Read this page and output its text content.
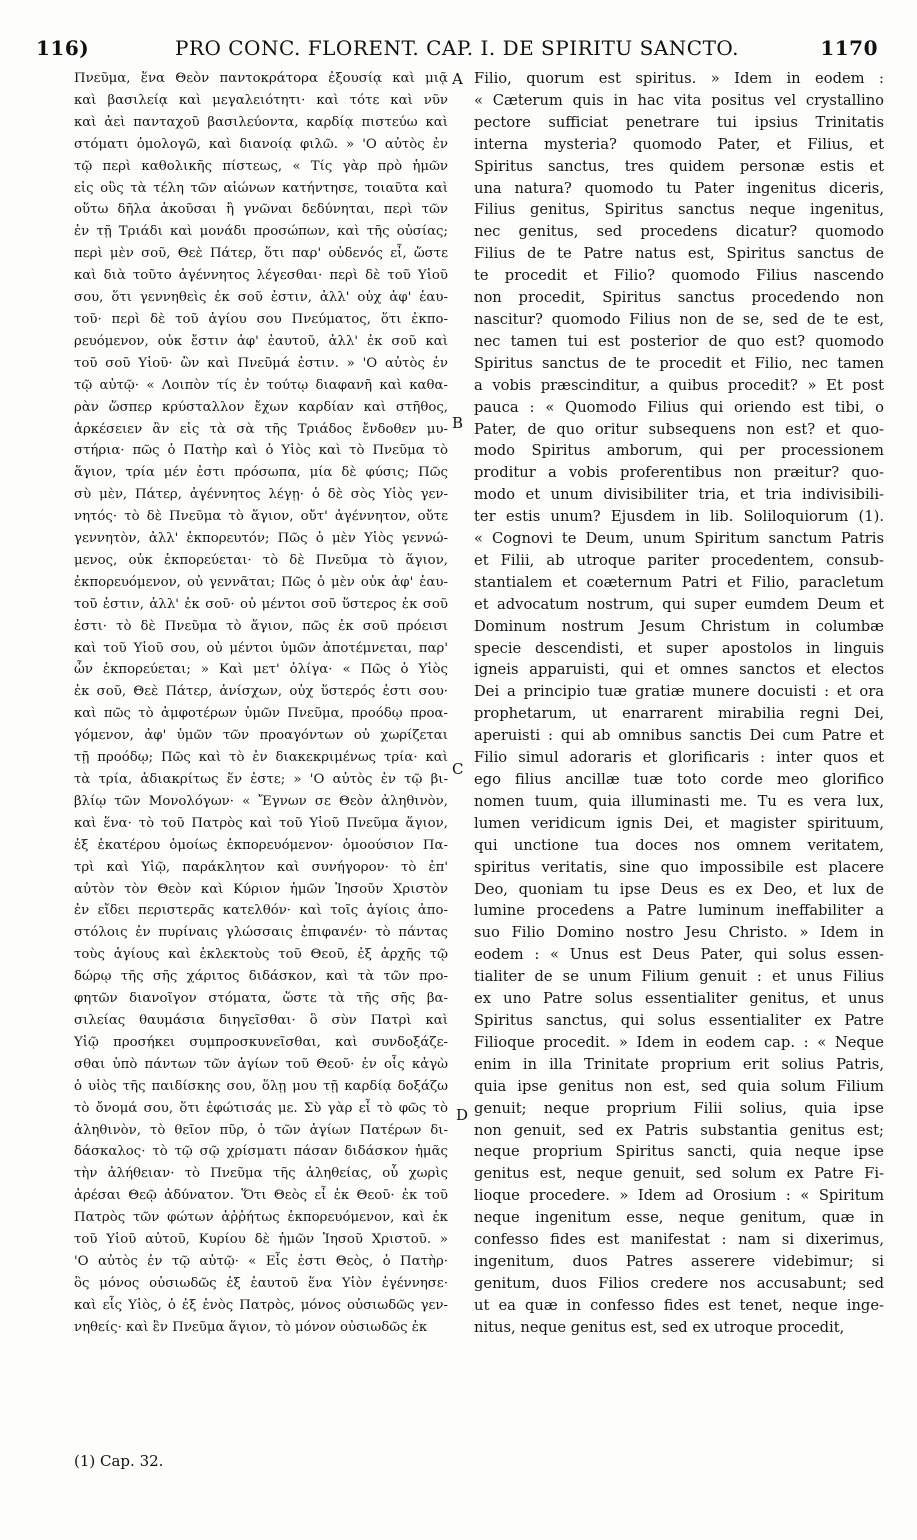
116)	PRO CONC. FLORENT. CAP. I. DE SPIRITU SANCTO.	1170
Πνεῦμα, ἕνα Θεὸν παντοκράτορα ἐξουσίᾳ καὶ μιᾷ
καὶ βασιλείᾳ καὶ μεγαλειότητι· καὶ τότε καὶ νῦν
καὶ ἀεὶ πανταχοῦ βασιλεύοντα, καρδίᾳ πιστεύω καὶ
στόματι ὁμολογῶ, καὶ διανοίᾳ φιλῶ. » 'Ο αὐτὸς ἐν
τῷ περὶ καθολικῆς πίστεως, « Τίς γὰρ πρὸ ἡμῶν
εἰς οὓς τὰ τέλη τῶν αἰώνων κατήντησε, τοιαῦτα καὶ
οὕτω δῆλα ἀκοῦσαι ἢ γνῶναι δεδύνηται, περὶ τῶν
ἐν τῇ Τριάδι καὶ μονάδι προσώπων, καὶ τῆς οὐσίας;
περὶ μὲν σοῦ, Θεὲ Πάτερ, ὅτι παρ' οὐδενός εἶ, ὥστε
καὶ διὰ τοῦτο ἀγέννητος λέγεσθαι· περὶ δὲ τοῦ Υἱοῦ
σου, ὅτι γεννηθεὶς ἐκ σοῦ ἐστιν, ἀλλ' οὐχ ἀφ' ἑαυ-
τοῦ· περὶ δὲ τοῦ ἁγίου σου Πνεύματος, ὅτι ἐκπο-
ρευόμενον, οὐκ ἔστιν ἀφ' ἑαυτοῦ, ἀλλ' ἐκ σοῦ καὶ
τοῦ σοῦ Υἱοῦ· ὢν καὶ Πνεῦμά ἐστιν. » 'Ο αὐτὸς ἐν
τῷ αὐτῷ· « Λοιπὸν τίς ἐν τούτῳ διαφανῆ καὶ καθα-
ρὰν ὥσπερ κρύσταλλον ἔχων καρδίαν καὶ στῆθος,
ἀρκέσειεν ἂν εἰς τὰ σὰ τῆς Τριάδος ἔνδοθεν μυ-
στήρια· πῶς ὁ Πατὴρ καὶ ὁ Υἱὸς καὶ τὸ Πνεῦμα τὸ
ἅγιον, τρία μέν ἐστι πρόσωπα, μία δὲ φύσις; Πῶς
σὺ μὲν, Πάτερ, ἀγέννητος λέγῃ· ὁ δὲ σὸς Υἱὸς γεν-
νητός· τὸ δὲ Πνεῦμα τὸ ἅγιον, οὔτ' ἀγέννητον, οὔτε
γεννητὸν, ἀλλ' ἐκπορευτόν; Πῶς ὁ μὲν Υἱὸς γεννώ-
μενος, οὐκ ἐκπορεύεται· τὸ δὲ Πνεῦμα τὸ ἅγιον,
ἐκπορευόμενον, οὐ γεννᾶται; Πῶς ὁ μὲν οὐκ ἀφ' ἑαυ-
τοῦ ἐστιν, ἀλλ' ἐκ σοῦ· οὐ μέντοι σοῦ ὕστερος ἐκ σοῦ
ἐστι· τὸ δὲ Πνεῦμα τὸ ἅγιον, πῶς ἐκ σοῦ πρόεισι
καὶ τοῦ Υἱοῦ σου, οὐ μέντοι ὑμῶν ἀποτέμνεται, παρ'
ὧν ἐκπορεύεται; » Καὶ μετ' ὀλίγα· « Πῶς ὁ Υἱὸς
ἐκ σοῦ, Θεὲ Πάτερ, ἀνίσχων, οὐχ ὕστερός ἐστι σου·
καὶ πῶς τὸ ἀμφοτέρων ὑμῶν Πνεῦμα, προόδῳ προα-
γόμενον, ἀφ' ὑμῶν τῶν προαγόντων οὐ χωρίζεται
τῇ προόδῳ; Πῶς καὶ τὸ ἐν διακεκριμένως τρία· καὶ
τὰ τρία, ἀδιακρίτως ἕν ἐστε; » 'Ο αὐτὸς ἐν τῷ βι-
βλίῳ τῶν Μονολόγων· « Ἔγνων σε Θεὸν ἀληθινὸν,
καὶ ἕνα· τὸ τοῦ Πατρὸς καὶ τοῦ Υἱοῦ Πνεῦμα ἅγιον,
ἐξ ἑκατέρου ὁμοίως ἐκπορευόμενον· ὁμοούσιον Πα-
τρὶ καὶ Υἱῷ, παράκλητον καὶ συνήγορον· τὸ ἐπ'
αὐτὸν τὸν Θεὸν καὶ Κύριον ἡμῶν Ἰησοῦν Χριστὸν
ἐν εἴδει περιστερᾶς κατελθόν· καὶ τοῖς ἁγίοις ἀπο-
στόλοις ἐν πυρίναις γλώσσαις ἐπιφανέν· τὸ πάντας
τοὺς ἁγίους καὶ ἐκλεκτοὺς τοῦ Θεοῦ, ἐξ ἀρχῆς τῷ
δώρῳ τῆς σῆς χάριτος διδάσκον, καὶ τὰ τῶν προ-
φητῶν διανοῖγον στόματα, ὥστε τὰ τῆς σῆς βα-
σιλείας θαυμάσια διηγεῖσθαι· ὃ σὺν Πατρὶ καὶ
Υἱῷ προσήκει συμπροσκυνεῖσθαι, καὶ συνδοξάζε-
σθαι ὑπὸ πάντων τῶν ἁγίων τοῦ Θεοῦ· ἐν οἷς κἀγὼ
ὁ υἱὸς τῆς παιδίσκης σου, ὅλῃ μου τῇ καρδίᾳ δοξάζω
τὸ ὄνομά σου, ὅτι ἐφώτισάς με. Σὺ γὰρ εἶ τὸ φῶς τὸ
ἀληθινὸν, τὸ θεῖον πῦρ, ὁ τῶν ἁγίων Πατέρων δι-
δάσκαλος· τὸ τῷ σῷ χρίσματι πάσαν διδάσκον ἡμᾶς
τὴν ἀλήθειαν· τὸ Πνεῦμα τῆς ἀληθείας, οὗ χωρὶς
ἀρέσαι Θεῷ ἀδύνατον. Ὅτι Θεὸς εἶ ἐκ Θεοῦ· ἐκ τοῦ
Πατρὸς τῶν φώτων ἀῤῥήτως ἐκπορευόμενον, καὶ ἐκ
τοῦ Υἱοῦ αὐτοῦ, Κυρίου δὲ ἡμῶν Ἰησοῦ Χριστοῦ. »
'Ο αὐτὸς ἐν τῷ αὐτῷ· « Εἷς ἐστι Θεὸς, ὁ Πατὴρ·
ὃς μόνος οὐσιωδῶς ἐξ ἑαυτοῦ ἕνα Υἱὸν ἐγέννησε·
καὶ εἷς Υἱὸς, ὁ ἐξ ἑνὸς Πατρὸς, μόνος οὐσιωδῶς γεν-
νηθείς· καὶ ἓν Πνεῦμα ἅγιον, τὸ μόνον οὐσιωδῶς ἐκ
Filio, quorum est spiritus. » Idem in eodem :
« Cæterum quis in hac vita positus vel crystallino
pectore sufficiat penetrare tui ipsius Trinitatis
interna mysteria? quomodo Pater, et Filius, et
Spiritus sanctus, tres quidem personæ estis et
una natura? quomodo tu Pater ingenitus diceris,
Filius genitus, Spiritus sanctus neque ingenitus,
nec genitus, sed procedens dicatur? quomodo
Filius de te Patre natus est, Spiritus sanctus de
te procedit et Filio? quomodo Filius nascendo
non procedit, Spiritus sanctus procedendo non
nascitur? quomodo Filius non de se, sed de te est,
nec tamen tui est posterior de quo est? quomodo
Spiritus sanctus de te procedit et Filio, nec tamen
a vobis præscinditur, a quibus procedit? » Et post
pauca : « Quomodo Filius qui oriendo est tibi, o
Pater, de quo oritur subsequens non est? et quo-
modo Spiritus amborum, qui per processionem
proditur a vobis proferentibus non præitur? quo-
modo et unum divisibiliter tria, et tria indivisibili-
ter estis unum? Ejusdem in lib. Soliloquiorum (1).
« Cognovi te Deum, unum Spiritum sanctum Patris
et Filii, ab utroque pariter procedentem, consub-
stantialem et coæternum Patri et Filio, paracletum
et advocatum nostrum, qui super eumdem Deum et
Dominum nostrum Jesum Christum in columbæ
specie descendisti, et super apostolos in linguis
igneis apparuisti, qui et omnes sanctos et electos
Dei a principio tuæ gratiæ munere docuisti : et ora
prophetarum, ut enarrarent mirabilia regni Dei,
aperuisti : qui ab omnibus sanctis Dei cum Patre et
Filio simul adoraris et glorificaris : inter quos et
ego filius ancillæ tuæ toto corde meo glorifico
nomen tuum, quia illuminasti me. Tu es vera lux,
lumen veridicum ignis Dei, et magister spirituum,
qui unctione tua doces nos omnem veritatem,
spiritus veritatis, sine quo impossibile est placere
Deo, quoniam tu ipse Deus es ex Deo, et lux de
lumine procedens a Patre luminum ineffabiliter a
suo Filio Domino nostro Jesu Christo. » Idem in
eodem : « Unus est Deus Pater, qui solus essen-
tialiter de se unum Filium genuit : et unus Filius
ex uno Patre solus essentialiter genitus, et unus
Spiritus sanctus, qui solus essentialiter ex Patre
Filioque procedit. » Idem in eodem cap. : « Neque
enim in illa Trinitate proprium erit solius Patris,
quia ipse genitus non est, sed quia solum Filium
genuit; neque proprium Filii solius, quia ipse
non genuit, sed ex Patris substantia genitus est;
neque proprium Spiritus sancti, quia neque ipse
genitus est, neque genuit, sed solum ex Patre Fi-
lioque procedere. » Idem ad Orosium : « Spiritum
neque ingenitum esse, neque genitum, quæ in
confesso fides est manifestat : nam si dixerimus,
ingenitum, duos Patres asserere videbimur; si
genitum, duos Filios credere nos accusabunt; sed
ut ea quæ in confesso fides est tenet, neque inge-
nitus, neque genitus est, sed ex utroque procedit,
A
B
C
D
(1) Cap. 32.
